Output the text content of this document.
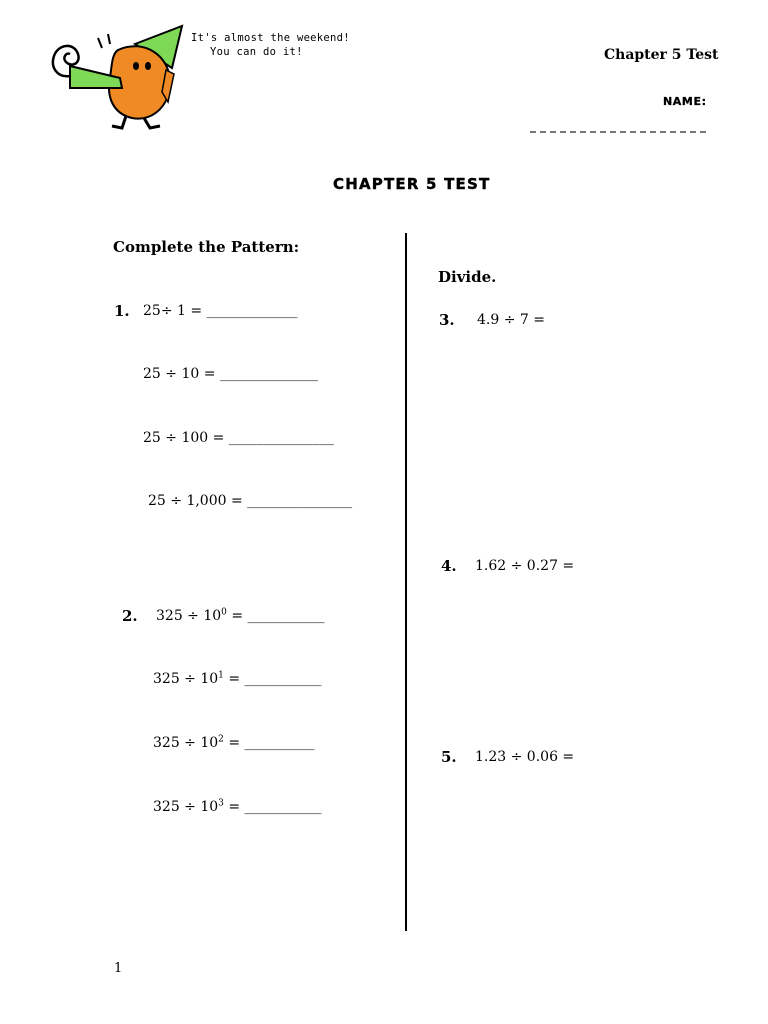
It's almost the weekend!
You can do it!	Chapter 5 Test
NAME:
CHAPTER 5 TEST
Complete the Pattern:
1. 25÷ 1 = _____________
25 ÷ 10 = ______________
25 ÷ 100 = _______________
25 ÷ 1,000 = _______________
2. $325 \div 10^0$ = ___________
$325 \div 10^1$ = ___________
$325 \div 10^2$ = __________
$325 \div 10^3$ = ___________
Divide.
3. 4.9 ÷ 7 =
4. 1.62 ÷ 0.27 =
5. 1.23 ÷ 0.06 =
1
